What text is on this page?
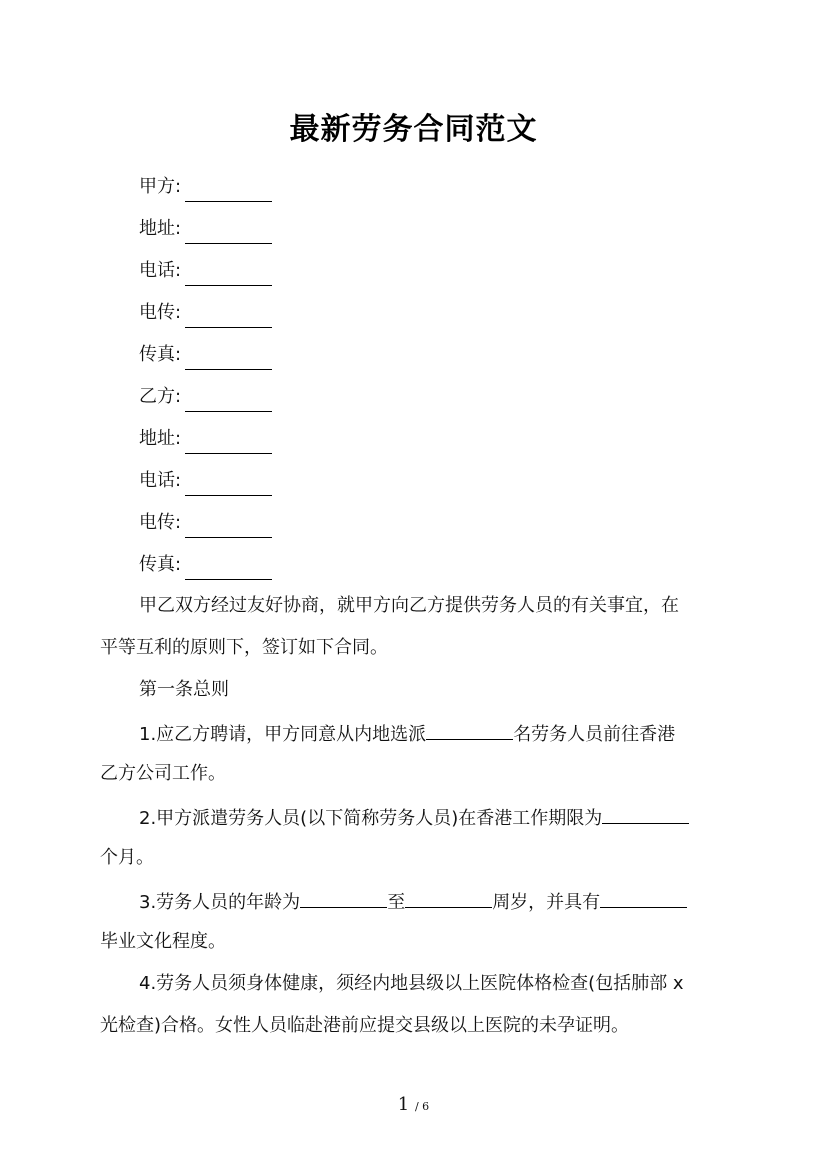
最新劳务合同范文
甲方:
地址:
电话:
电传:
传真:
乙方:
地址:
电话:
电传:
传真:
甲乙双方经过友好协商，就甲方向乙方提供劳务人员的有关事宜，在
平等互利的原则下，签订如下合同。
第一条总则
1.应乙方聘请，甲方同意从内地选派	名劳务人员前往香港
乙方公司工作。
2.甲方派遣劳务人员(以下简称劳务人员)在香港工作期限为
个月。
3.劳务人员的年龄为	至	周岁，并具有
毕业文化程度。
4.劳务人员须身体健康，须经内地县级以上医院体格检查(包括肺部 x
光检查)合格。女性人员临赴港前应提交县级以上医院的未孕证明。
1 / 6
